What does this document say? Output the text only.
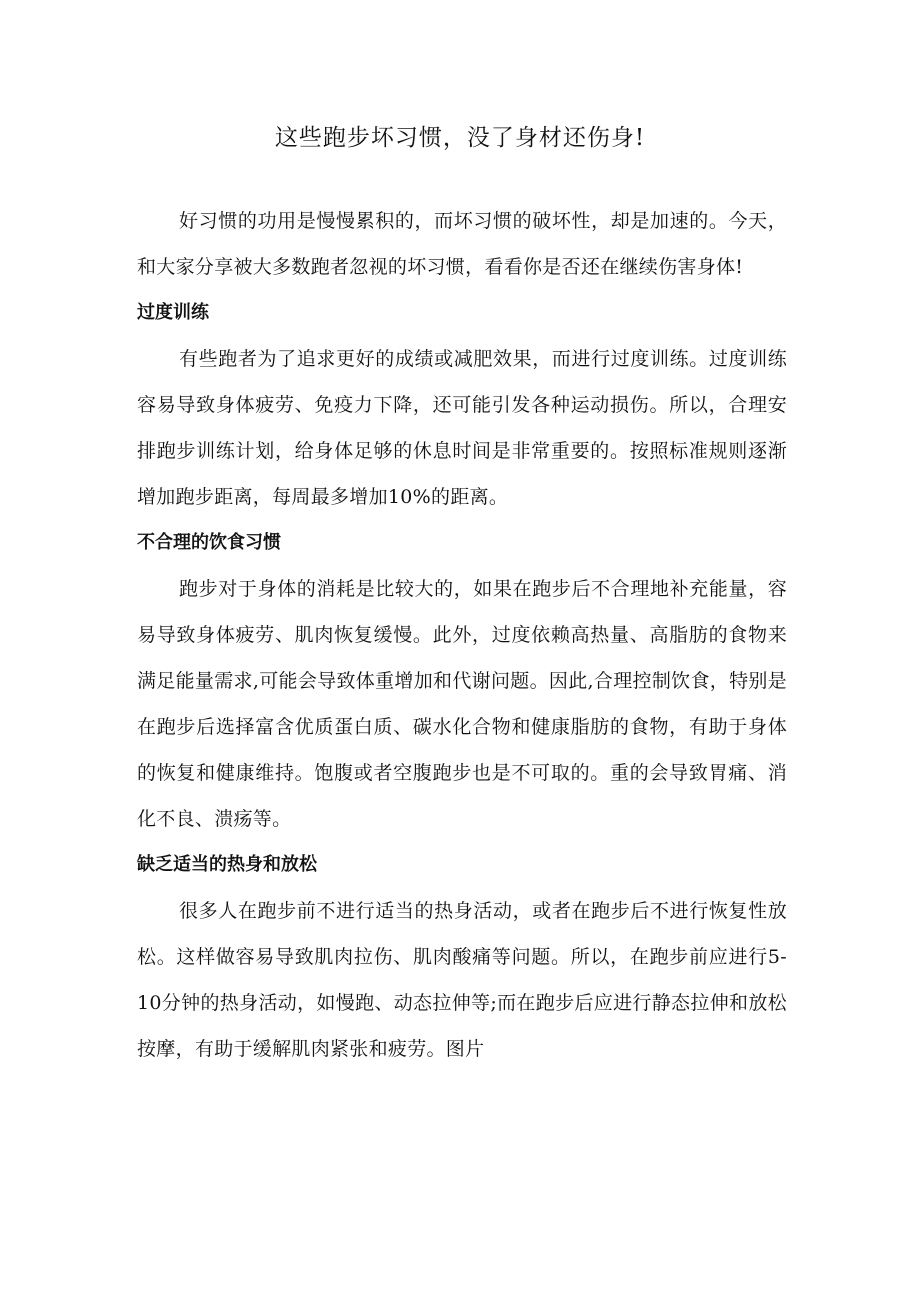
这些跑步坏习惯，没了身材还伤身!

好习惯的功用是慢慢累积的，而坏习惯的破坏性，却是加速的。今天，和大家分享被大多数跑者忽视的坏习惯，看看你是否还在继续伤害身体!

过度训练

有些跑者为了追求更好的成绩或减肥效果，而进行过度训练。过度训练容易导致身体疲劳、免疫力下降，还可能引发各种运动损伤。所以，合理安排跑步训练计划，给身体足够的休息时间是非常重要的。按照标准规则逐渐增加跑步距离，每周最多增加10%的距离。

不合理的饮食习惯

跑步对于身体的消耗是比较大的，如果在跑步后不合理地补充能量，容易导致身体疲劳、肌肉恢复缓慢。此外，过度依赖高热量、高脂肪的食物来满足能量需求,可能会导致体重增加和代谢问题。因此,合理控制饮食，特别是在跑步后选择富含优质蛋白质、碳水化合物和健康脂肪的食物，有助于身体的恢复和健康维持。饱腹或者空腹跑步也是不可取的。重的会导致胃痛、消化不良、溃疡等。

缺乏适当的热身和放松

很多人在跑步前不进行适当的热身活动，或者在跑步后不进行恢复性放松。这样做容易导致肌肉拉伤、肌肉酸痛等问题。所以，在跑步前应进行5-10分钟的热身活动，如慢跑、动态拉伸等;而在跑步后应进行静态拉伸和放松按摩，有助于缓解肌肉紧张和疲劳。图片
